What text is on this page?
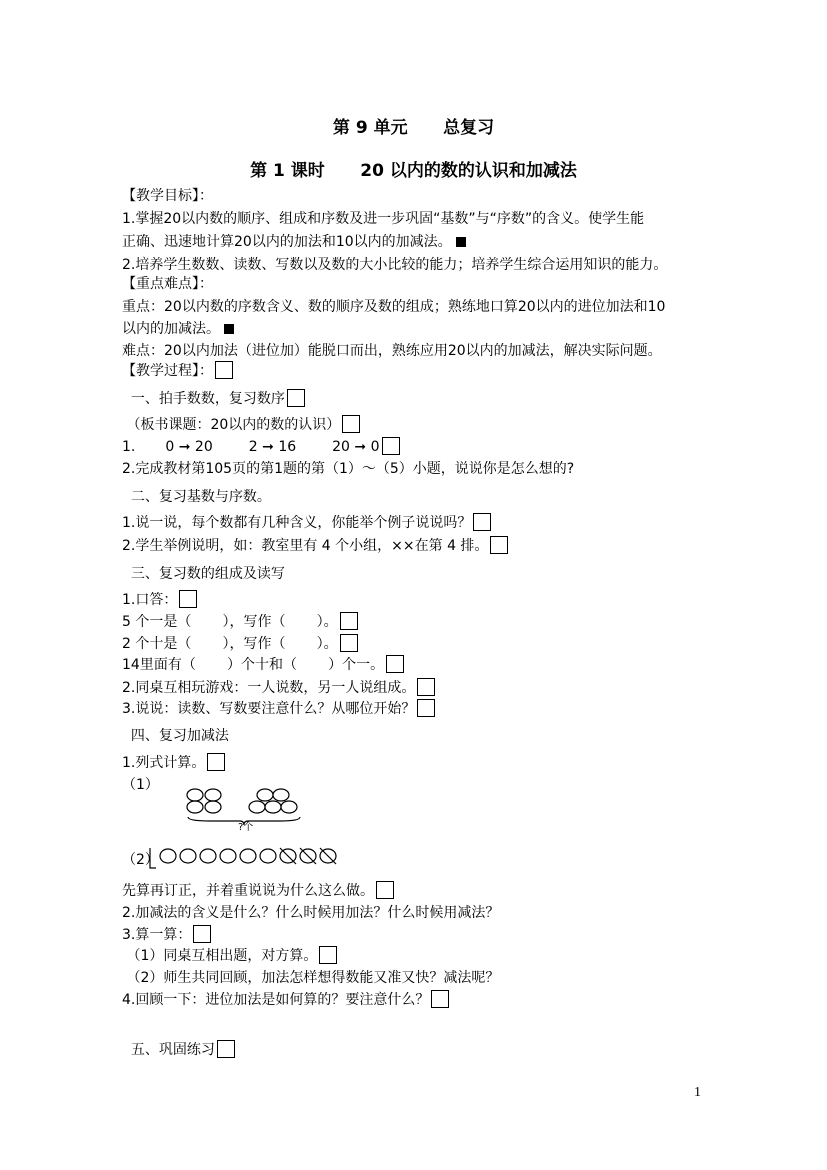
第 9 单元      总复习
第 1 课时      20 以内的数的认识和加减法
【教学目标】：
1.掌握20以内数的顺序、组成和序数及进一步巩固“基数”与“序数”的含义。使学生能
正确、迅速地计算20以内的加法和10以内的加减法。
2.培养学生数数、读数、写数以及数的大小比较的能力；培养学生综合运用知识的能力。
【重点难点】：
重点：20以内数的序数含义、数的顺序及数的组成；熟练地口算20以内的进位加法和10
以内的加减法。
难点：20以内加法（进位加）能脱口而出，熟练应用20以内的加减法，解决实际问题。
【教学过程】：
一、拍手数数，复习数序
（板书课题：20以内的数的认识）
1. 0 ➞ 20	2 ➞ 16	20 ➞ 0
2.完成教材第105页的第1题的第（1）～（5）小题，说说你是怎么想的?
二、复习基数与序数。
1.说一说，每个数都有几种含义，你能举个例子说说吗？
2.学生举例说明，如：教室里有 4 个小组，××在第 4 排。
三、复习数的组成及读写
1.口答：
5 个一是（       ），写作（       ）。
2 个十是（       ），写作（       ）。
14里面有（       ）个十和（       ）个一。
2.同桌互相玩游戏：一人说数，另一人说组成。
3.说说：读数、写数要注意什么？从哪位开始？
四、复习加减法
1.列式计算。
（1）
?个
（2）
先算再订正，并着重说说为什么这么做。
2.加减法的含义是什么？什么时候用加法？什么时候用减法？
3.算一算：
（1）同桌互相出题，对方算。
（2）师生共同回顾，加法怎样想得数能又准又快？减法呢？
4.回顾一下：进位加法是如何算的？要注意什么？
五、巩固练习
1
